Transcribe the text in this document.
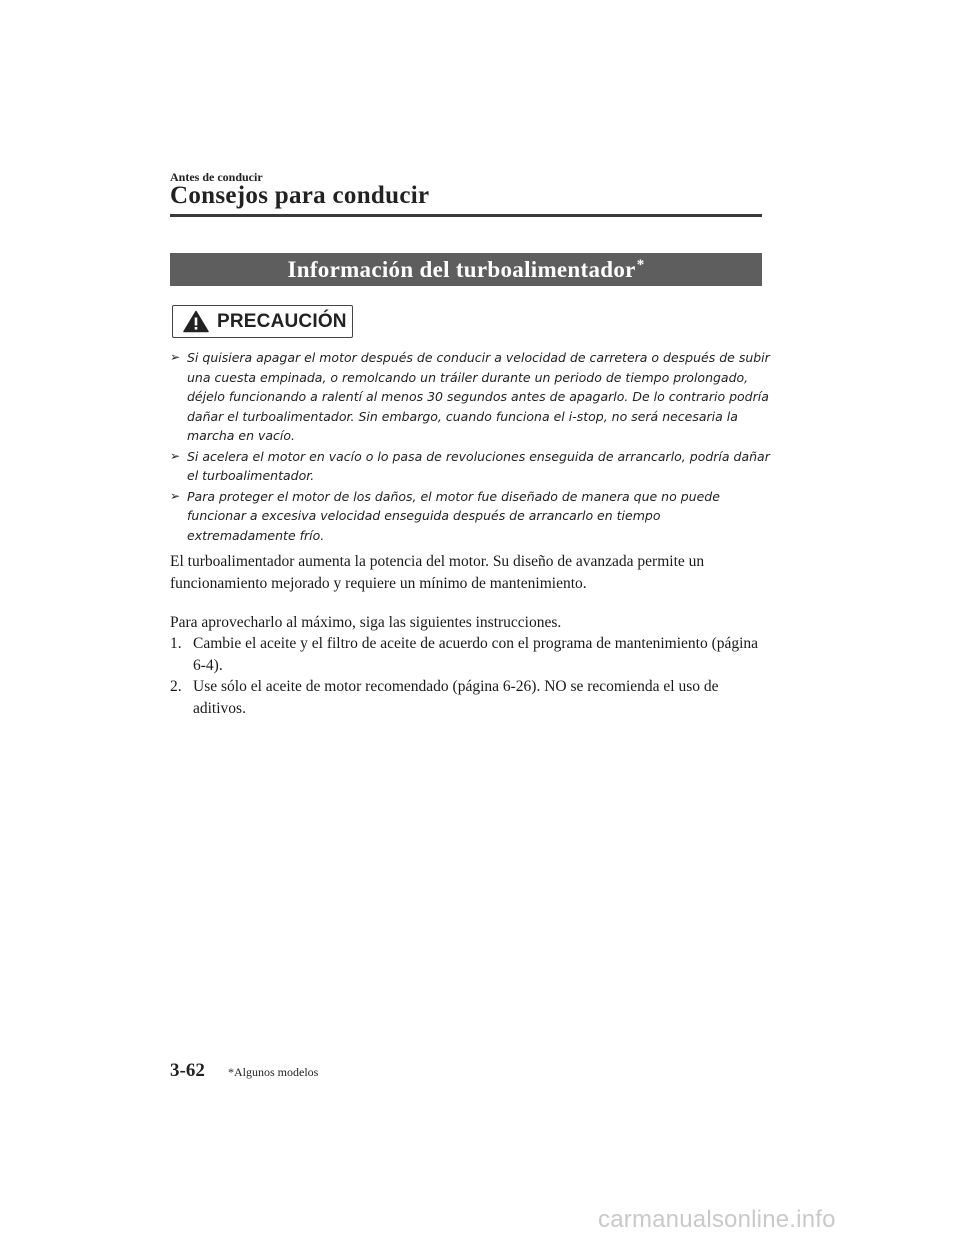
Antes de conducir
Consejos para conducir
Información del turboalimentador*
PRECAUCIÓN
➢ Si quisiera apagar el motor después de conducir a velocidad de carretera o después de subir una cuesta empinada, o remolcando un tráiler durante un periodo de tiempo prolongado, déjelo funcionando a ralentí al menos 30 segundos antes de apagarlo. De lo contrario podría dañar el turboalimentador. Sin embargo, cuando funciona el i-stop, no será necesaria la marcha en vacío.
➢ Si acelera el motor en vacío o lo pasa de revoluciones enseguida de arrancarlo, podría dañar el turboalimentador.
➢ Para proteger el motor de los daños, el motor fue diseñado de manera que no puede funcionar a excesiva velocidad enseguida después de arrancarlo en tiempo extremadamente frío.

El turboalimentador aumenta la potencia del motor. Su diseño de avanzada permite un funcionamiento mejorado y requiere un mínimo de mantenimiento.

Para aprovecharlo al máximo, siga las siguientes instrucciones.

1. Cambie el aceite y el filtro de aceite de acuerdo con el programa de mantenimiento (página 6-4).
2. Use sólo el aceite de motor recomendado (página 6-26). NO se recomienda el uso de aditivos.
3-62 *Algunos modelos
carmanualsonline.info
